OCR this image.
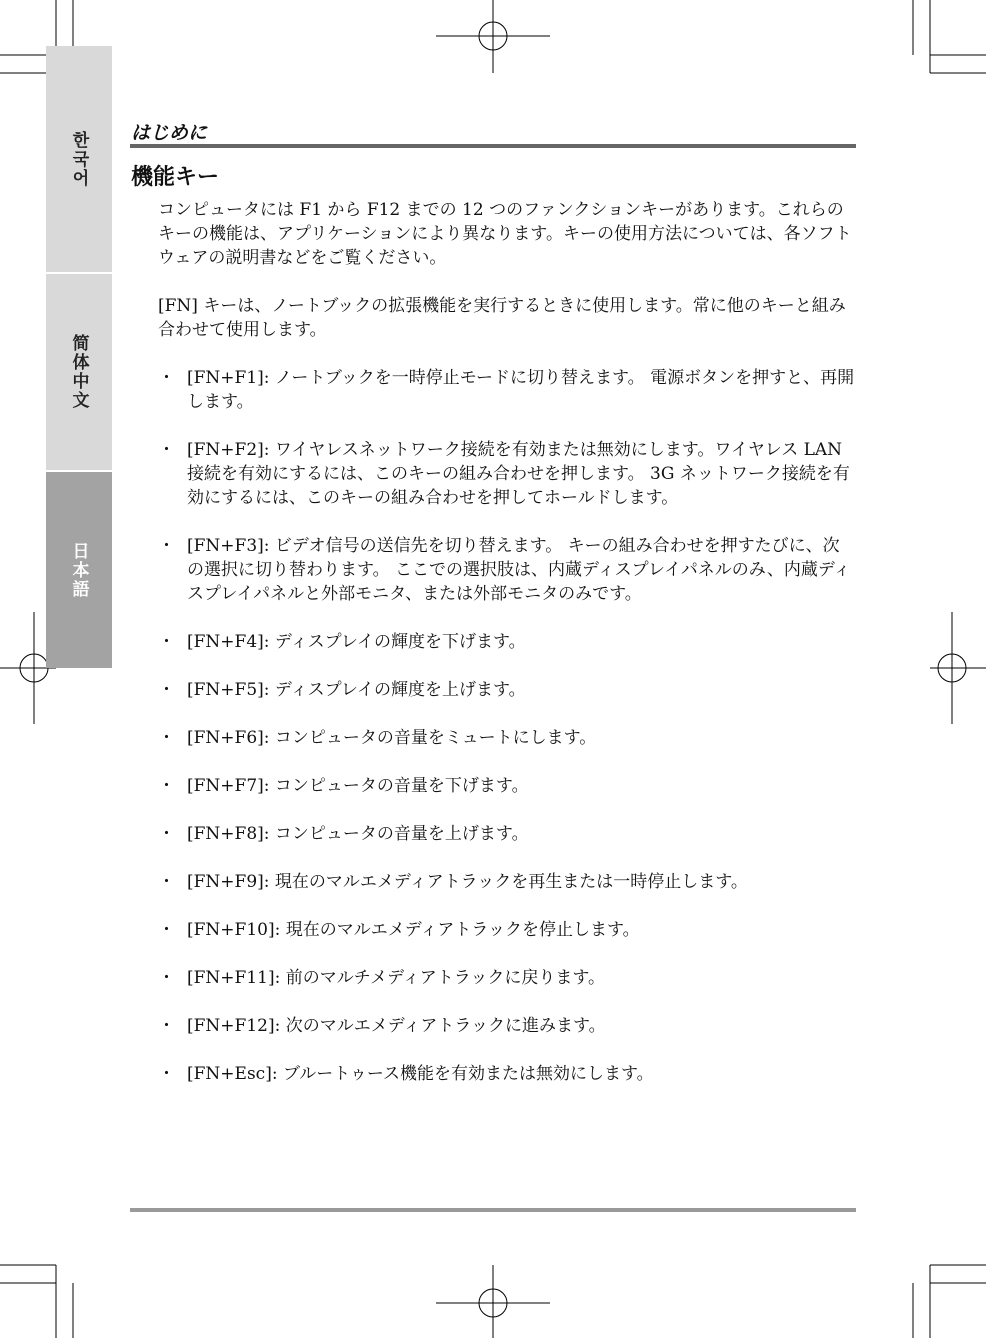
한국어
简体中文
日本語
はじめに
機能キー

コンピュータには F1 から F12 までの 12 つのファンクションキーがあります。これらのキーの機能は、アプリケーションにより異なります。キーの使用方法については、各ソフトウェアの説明書などをご覧ください。

[FN] キーは、ノートブックの拡張機能を実行するときに使用します。常に他のキーと組み合わせて使用します。

・ [FN+F1]: ノートブックを一時停止モードに切り替えます。 電源ボタンを押すと、再開します。
・ [FN+F2]: ワイヤレスネットワーク接続を有効または無効にします。ワイヤレス LAN 接続を有効にするには、このキーの組み合わせを押します。 3G ネットワーク接続を有効にするには、このキーの組み合わせを押してホールドします。
・ [FN+F3]: ビデオ信号の送信先を切り替えます。 キーの組み合わせを押すたびに、次の選択に切り替わります。 ここでの選択肢は、内蔵ディスプレイパネルのみ、内蔵ディスプレイパネルと外部モニタ、または外部モニタのみです。
・ [FN+F4]: ディスプレイの輝度を下げます。
・ [FN+F5]: ディスプレイの輝度を上げます。
・ [FN+F6]: コンピュータの音量をミュートにします。
・ [FN+F7]: コンピュータの音量を下げます。
・ [FN+F8]: コンピュータの音量を上げます。
・ [FN+F9]: 現在のマルエメディアトラックを再生または一時停止します。
・ [FN+F10]: 現在のマルエメディアトラックを停止します。
・ [FN+F11]: 前のマルチメディアトラックに戻ります。
・ [FN+F12]: 次のマルエメディアトラックに進みます。
・ [FN+Esc]: ブルートゥース機能を有効または無効にします。
